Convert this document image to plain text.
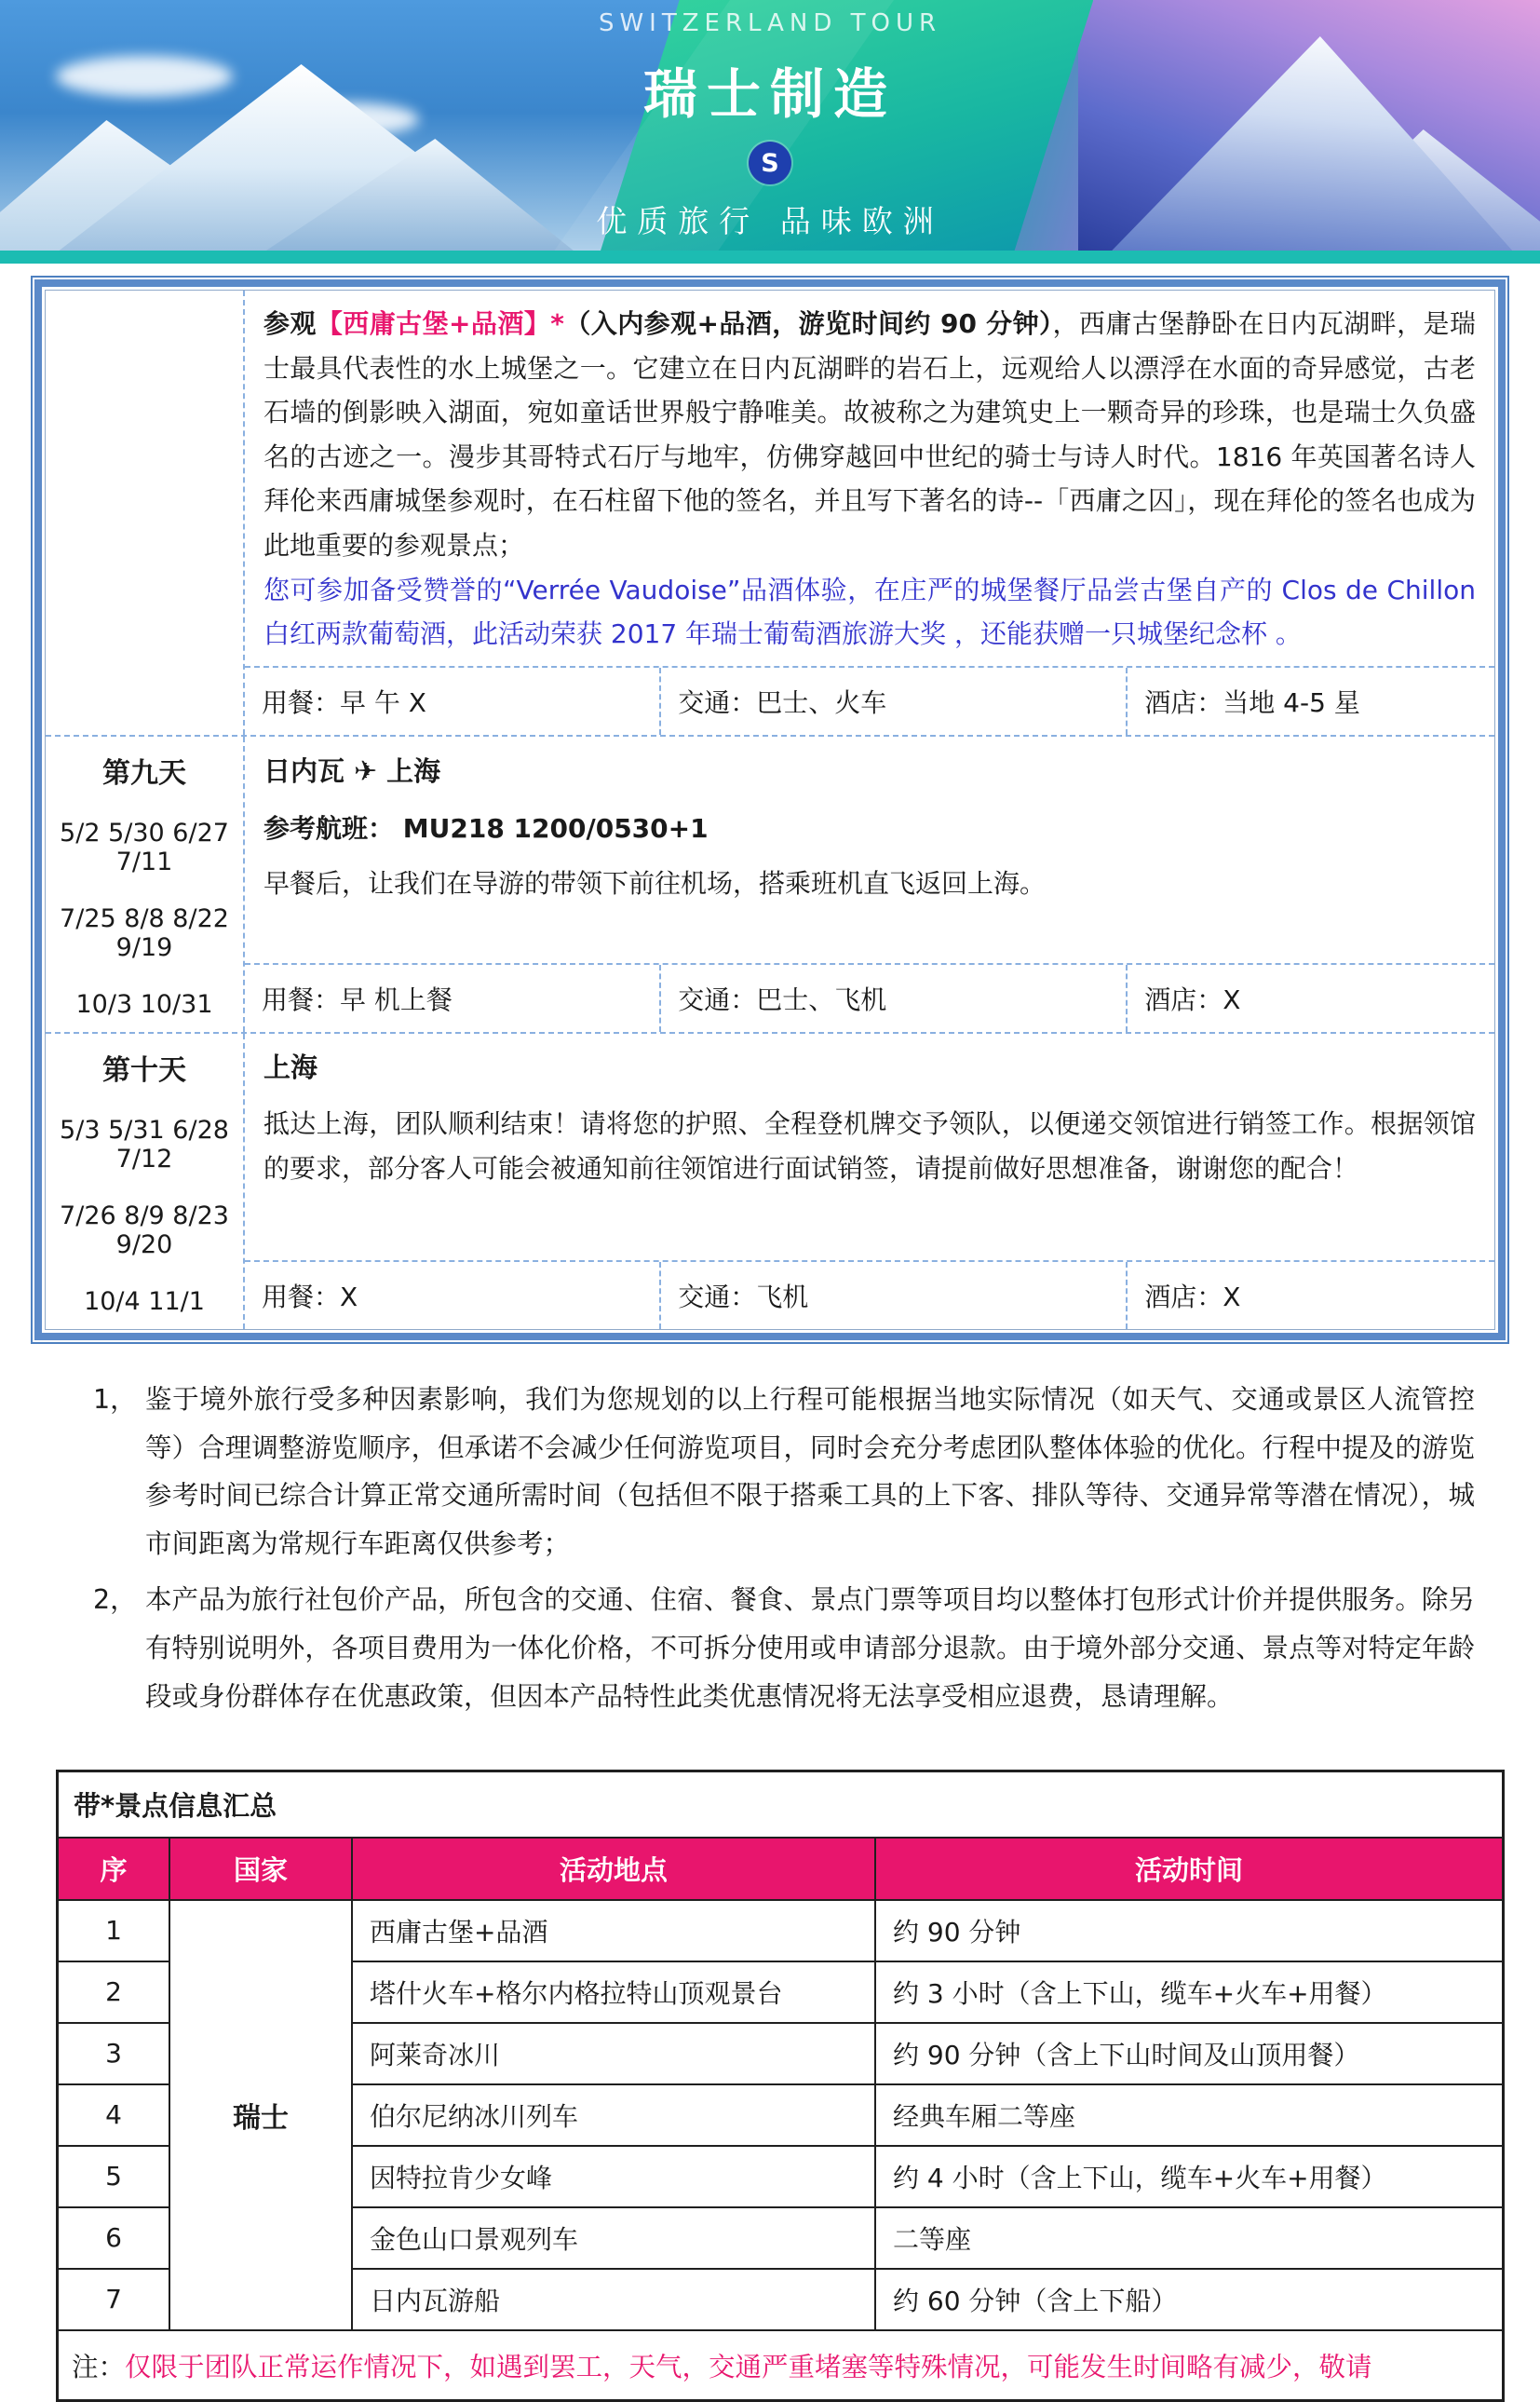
SWITZERLAND TOUR
瑞士制造
S
优质旅行 品味欧洲
参观【西庸古堡+品酒】*（入内参观+品酒，游览时间约 90 分钟），西庸古堡静卧在日内瓦湖畔，是瑞士最具代表性的水上城堡之一。它建立在日内瓦湖畔的岩石上，远观给人以漂浮在水面的奇异感觉，古老石墙的倒影映入湖面，宛如童话世界般宁静唯美。故被称之为建筑史上一颗奇异的珍珠，也是瑞士久负盛名的古迹之一。漫步其哥特式石厅与地牢，仿佛穿越回中世纪的骑士与诗人时代。1816 年英国著名诗人拜伦来西庸城堡参观时，在石柱留下他的签名，并且写下著名的诗--「西庸之囚」，现在拜伦的签名也成为此地重要的参观景点；
您可参加备受赞誉的“Verrée Vaudoise”品酒体验，在庄严的城堡餐厅品尝古堡自产的 Clos de Chillon 白红两款葡萄酒，此活动荣获 2017 年瑞士葡萄酒旅游大奖 ，还能获赠一只城堡纪念杯 。
用餐：早 午 X	交通：巴士、火车	酒店：当地 4-5 星
第九天
5/2 5/30 6/27 7/11
7/25 8/8 8/22 9/19
10/3 10/31
日内瓦 ✈ 上海
参考航班： MU218 1200/0530+1
早餐后，让我们在导游的带领下前往机场，搭乘班机直飞返回上海。
用餐：早 机上餐	交通：巴士、飞机	酒店：X
第十天
5/3 5/31 6/28 7/12
7/26 8/9 8/23 9/20
10/4 11/1
上海
抵达上海，团队顺利结束！请将您的护照、全程登机牌交予领队，以便递交领馆进行销签工作。根据领馆的要求，部分客人可能会被通知前往领馆进行面试销签，请提前做好思想准备，谢谢您的配合！
用餐：X	交通：飞机	酒店：X
1， 鉴于境外旅行受多种因素影响，我们为您规划的以上行程可能根据当地实际情况（如天气、交通或景区人流管控等）合理调整游览顺序，但承诺不会减少任何游览项目，同时会充分考虑团队整体体验的优化。行程中提及的游览参考时间已综合计算正常交通所需时间（包括但不限于搭乘工具的上下客、排队等待、交通异常等潜在情况），城市间距离为常规行车距离仅供参考；
2， 本产品为旅行社包价产品，所包含的交通、住宿、餐食、景点门票等项目均以整体打包形式计价并提供服务。除另有特别说明外，各项目费用为一体化价格，不可拆分使用或申请部分退款。由于境外部分交通、景点等对特定年龄段或身份群体存在优惠政策，但因本产品特性此类优惠情况将无法享受相应退费，恳请理解。
带*景点信息汇总			
序	国家	活动地点	活动时间
1	瑞士	西庸古堡+品酒	约 90 分钟
2		塔什火车+格尔内格拉特山顶观景台	约 3 小时（含上下山，缆车+火车+用餐）
3		阿莱奇冰川	约 90 分钟（含上下山时间及山顶用餐）
4		伯尔尼纳冰川列车	经典车厢二等座
5		因特拉肯少女峰	约 4 小时（含上下山，缆车+火车+用餐）
6		金色山口景观列车	二等座
7		日内瓦游船	约 60 分钟（含上下船）
注：仅限于团队正常运作情况下，如遇到罢工，天气，交通严重堵塞等特殊情况，可能发生时间略有减少，敬请			
